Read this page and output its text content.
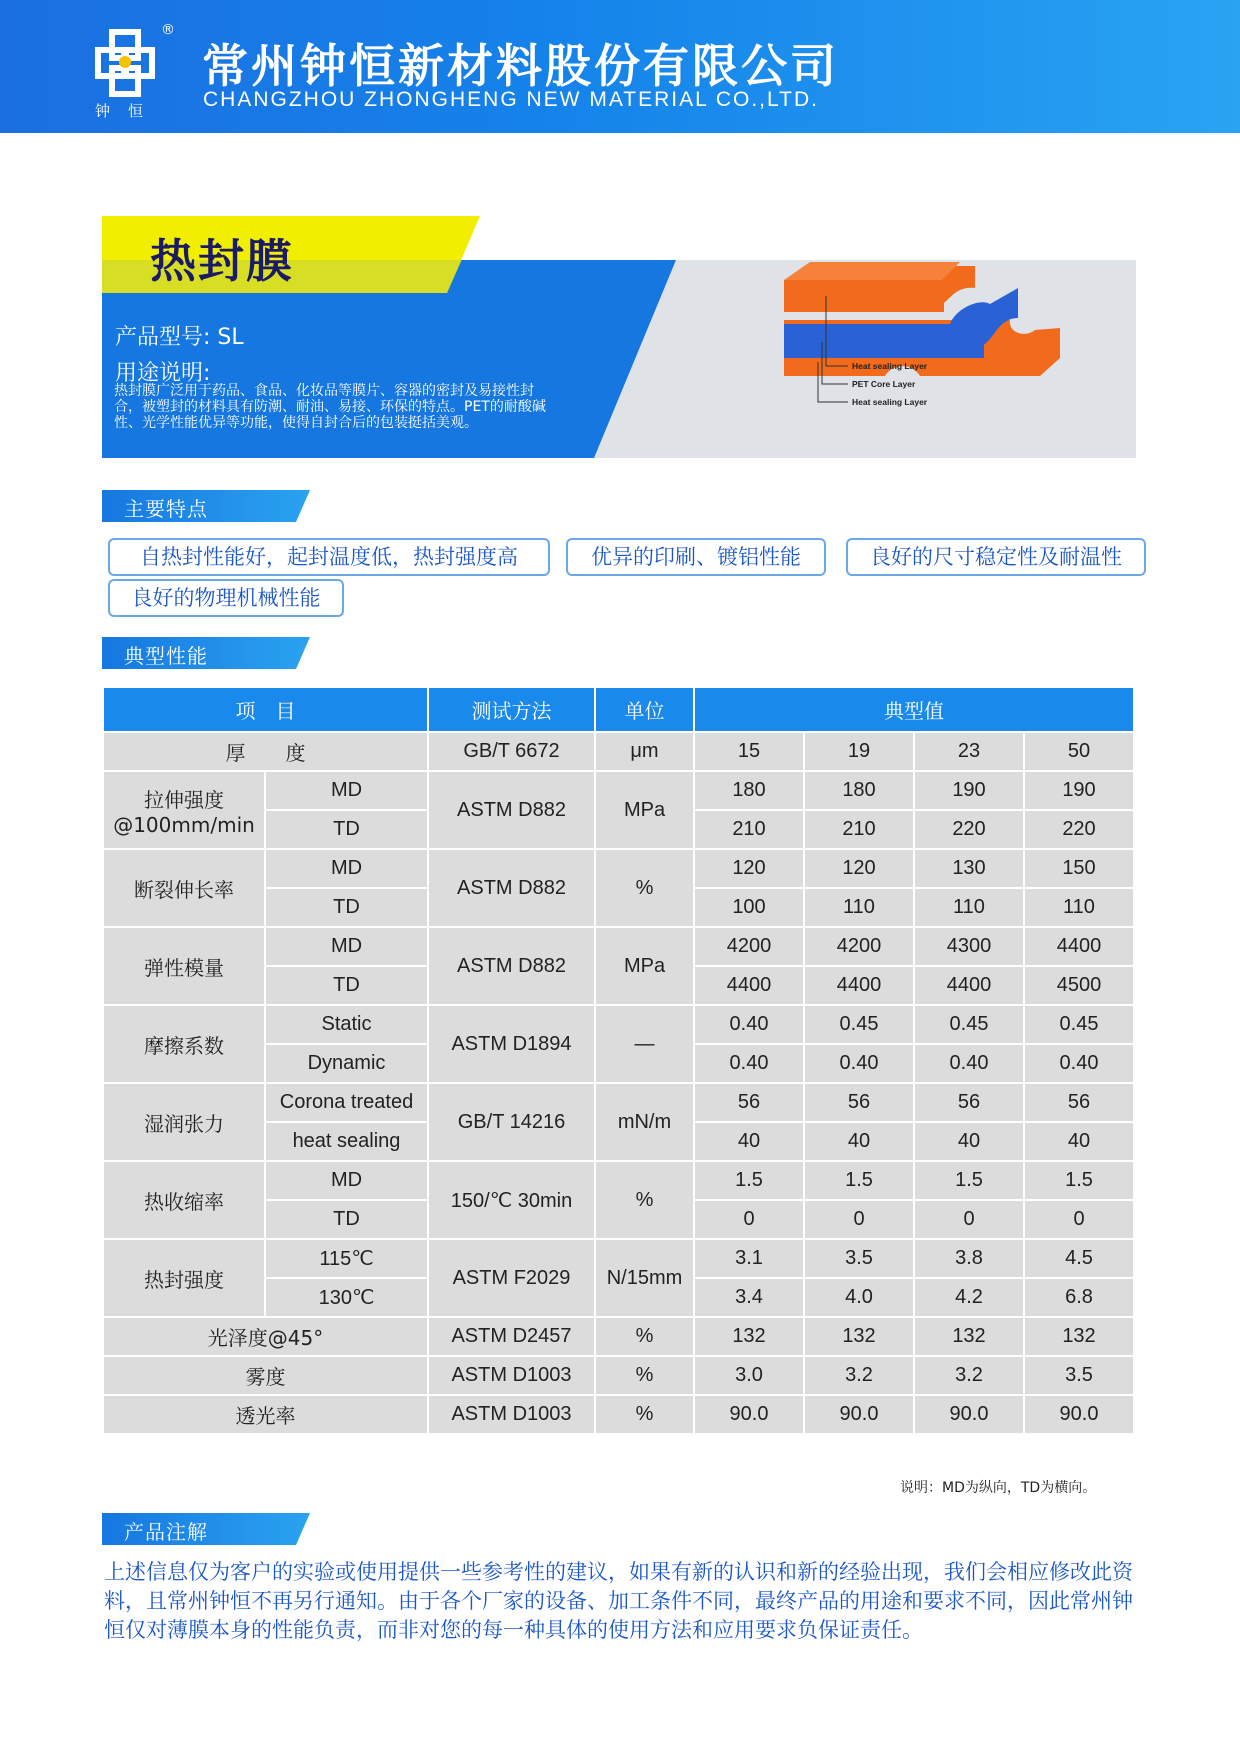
®
钟恒
常州钟恒新材料股份有限公司
CHANGZHOU ZHONGHENG NEW MATERIAL CO.,LTD.
热封膜
产品型号: SL
用途说明:
热封膜广泛用于药品、食品、化妆品等膜片、容器的密封及易接性封合，被塑封的材料具有防潮、耐油、易接、环保的特点。PET的耐酸碱性、光学性能优异等功能，使得自封合后的包装挺括美观。
Heat sealing Layer
PET Core Layer
Heat sealing Layer
主要特点
自热封性能好，起封温度低，热封强度高	优异的印刷、镀铝性能	良好的尺寸稳定性及耐温性
良好的物理机械性能
典型性能
项　目		测试方法	单位	典型值			
厚　　度		GB/T 6672	μm	15	19	23	50
拉伸强度
@100mm/min	MD	ASTM D882	MPa	180	180	190	190
	TD			210	210	220	220
断裂伸长率	MD	ASTM D882	%	120	120	130	150
	TD			100	110	110	110
弹性模量	MD	ASTM D882	MPa	4200	4200	4300	4400
	TD			4400	4400	4400	4500
摩擦系数	Static	ASTM D1894	—	0.40	0.45	0.45	0.45
	Dynamic			0.40	0.40	0.40	0.40
湿润张力	Corona treated	GB/T 14216	mN/m	56	56	56	56
	heat sealing			40	40	40	40
热收缩率	MD	150/℃ 30min	%	1.5	1.5	1.5	1.5
	TD			0	0	0	0
热封强度	115℃	ASTM F2029	N/15mm	3.1	3.5	3.8	4.5
	130℃			3.4	4.0	4.2	6.8
光泽度@45°		ASTM D2457	%	132	132	132	132
雾度		ASTM D1003	%	3.0	3.2	3.2	3.5
透光率		ASTM D1003	%	90.0	90.0	90.0	90.0
说明：MD为纵向，TD为横向。
产品注解
上述信息仅为客户的实验或使用提供一些参考性的建议，如果有新的认识和新的经验出现，我们会相应修改此资料，且常州钟恒不再另行通知。由于各个厂家的设备、加工条件不同，最终产品的用途和要求不同，因此常州钟恒仅对薄膜本身的性能负责，而非对您的每一种具体的使用方法和应用要求负保证责任。
